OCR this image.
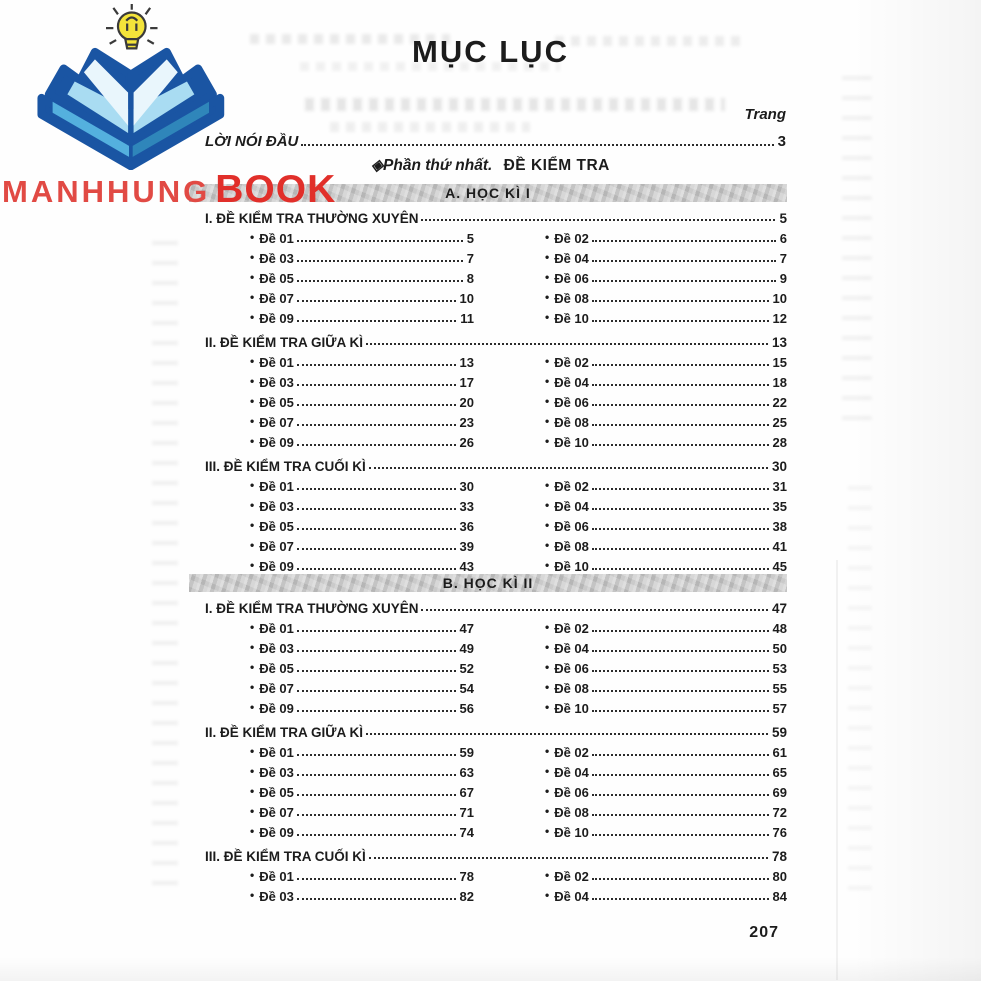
MANHHUNG BOOK
MỤC LỤC
Trang
LỜI NÓI ĐẦU	3
◈Phần thứ nhất. ĐỀ KIỂM TRA
A. HỌC KÌ I
I. ĐỀ KIỂM TRA THƯỜNG XUYÊN	5
• Đề 01	5	• Đề 02	6
• Đề 03	7	• Đề 04	7
• Đề 05	8	• Đề 06	9
• Đề 07	10	• Đề 08	10
• Đề 09	11	• Đề 10	12
II. ĐỀ KIỂM TRA GIỮA KÌ	13
• Đề 01	13	• Đề 02	15
• Đề 03	17	• Đề 04	18
• Đề 05	20	• Đề 06	22
• Đề 07	23	• Đề 08	25
• Đề 09	26	• Đề 10	28
III. ĐỀ KIỂM TRA CUỐI KÌ	30
• Đề 01	30	• Đề 02	31
• Đề 03	33	• Đề 04	35
• Đề 05	36	• Đề 06	38
• Đề 07	39	• Đề 08	41
• Đề 09	43	• Đề 10	45
B. HỌC KÌ II
I. ĐỀ KIỂM TRA THƯỜNG XUYÊN	47
• Đề 01	47	• Đề 02	48
• Đề 03	49	• Đề 04	50
• Đề 05	52	• Đề 06	53
• Đề 07	54	• Đề 08	55
• Đề 09	56	• Đề 10	57
II. ĐỀ KIỂM TRA GIỮA KÌ	59
• Đề 01	59	• Đề 02	61
• Đề 03	63	• Đề 04	65
• Đề 05	67	• Đề 06	69
• Đề 07	71	• Đề 08	72
• Đề 09	74	• Đề 10	76
III. ĐỀ KIỂM TRA CUỐI KÌ	78
• Đề 01	78	• Đề 02	80
• Đề 03	82	• Đề 04	84
207
